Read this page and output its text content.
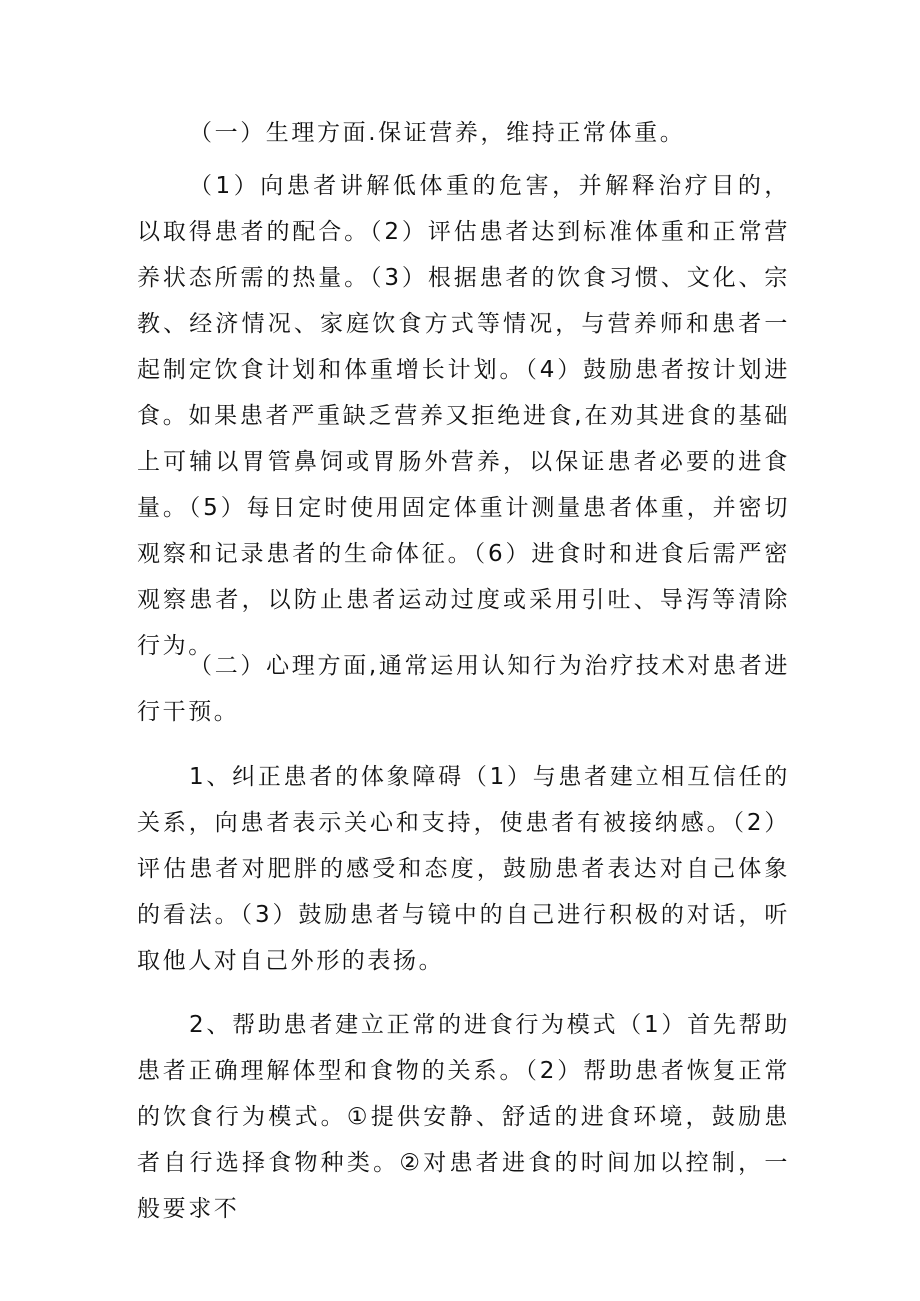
（一）生理方面.保证营养，维持正常体重。

（1）向患者讲解低体重的危害，并解释治疗目的，以取得患者的配合。（2）评估患者达到标准体重和正常营养状态所需的热量。（3）根据患者的饮食习惯、文化、宗教、经济情况、家庭饮食方式等情况，与营养师和患者一起制定饮食计划和体重增长计划。（4）鼓励患者按计划进食。如果患者严重缺乏营养又拒绝进食,在劝其进食的基础上可辅以胃管鼻饲或胃肠外营养，以保证患者必要的进食量。（5）每日定时使用固定体重计测量患者体重，并密切观察和记录患者的生命体征。（6）进食时和进食后需严密观察患者，以防止患者运动过度或采用引吐、导泻等清除行为。

（二）心理方面,通常运用认知行为治疗技术对患者进行干预。

1、纠正患者的体象障碍（1）与患者建立相互信任的关系，向患者表示关心和支持，使患者有被接纳感。（2）评估患者对肥胖的感受和态度，鼓励患者表达对自己体象的看法。（3）鼓励患者与镜中的自己进行积极的对话，听取他人对自己外形的表扬。

2、帮助患者建立正常的进食行为模式（1）首先帮助患者正确理解体型和食物的关系。（2）帮助患者恢复正常的饮食行为模式。①提供安静、舒适的进食环境，鼓励患者自行选择食物种类。②对患者进食的时间加以控制，一般要求不
